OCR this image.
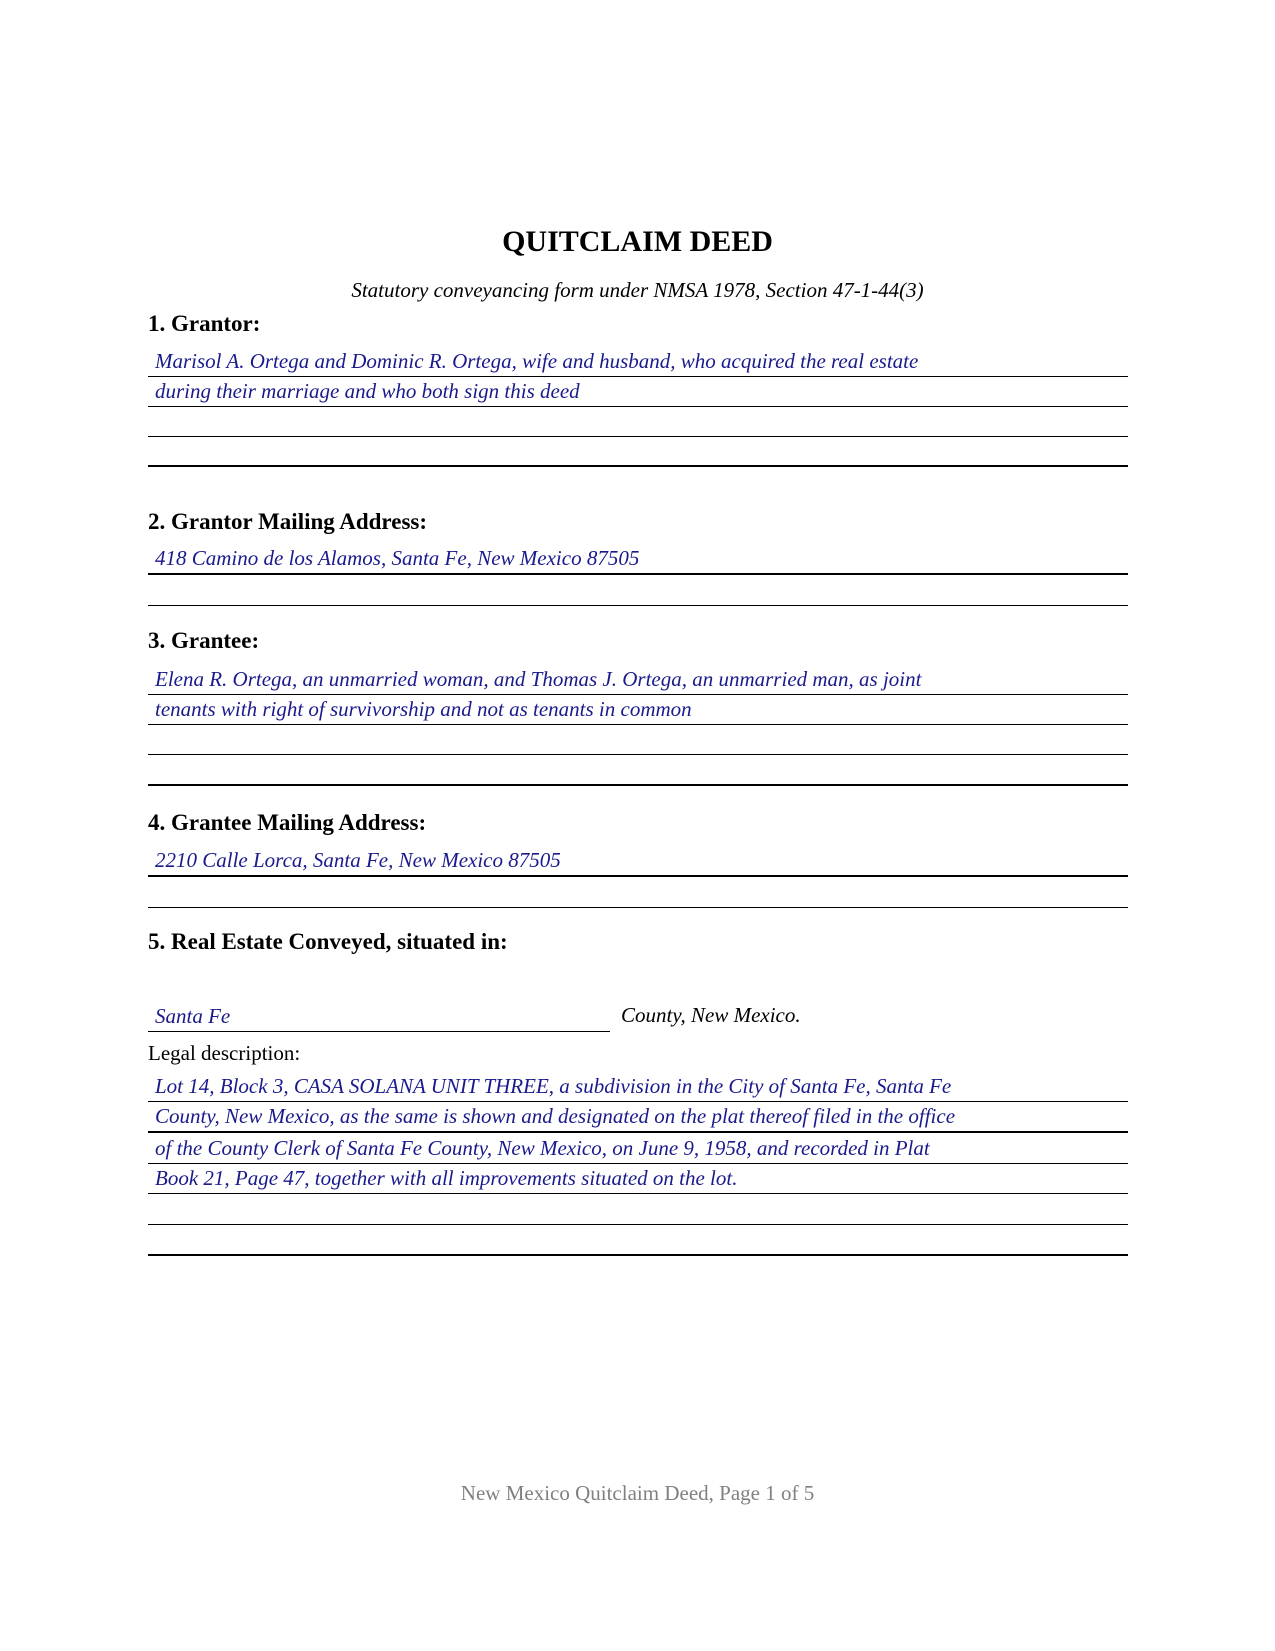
QUITCLAIM DEED
Statutory conveyancing form under NMSA 1978, Section 47-1-44(3)
1. Grantor:
Marisol A. Ortega and Dominic R. Ortega, wife and husband, who acquired the real estate
during their marriage and who both sign this deed
2. Grantor Mailing Address:
418 Camino de los Alamos, Santa Fe, New Mexico 87505
3. Grantee:
Elena R. Ortega, an unmarried woman, and Thomas J. Ortega, an unmarried man, as joint
tenants with right of survivorship and not as tenants in common
4. Grantee Mailing Address:
2210 Calle Lorca, Santa Fe, New Mexico 87505
5. Real Estate Conveyed, situated in:
Santa Fe	County, New Mexico.
Legal description:
Lot 14, Block 3, CASA SOLANA UNIT THREE, a subdivision in the City of Santa Fe, Santa Fe
County, New Mexico, as the same is shown and designated on the plat thereof filed in the office
of the County Clerk of Santa Fe County, New Mexico, on June 9, 1958, and recorded in Plat
Book 21, Page 47, together with all improvements situated on the lot.
New Mexico Quitclaim Deed, Page 1 of 5
